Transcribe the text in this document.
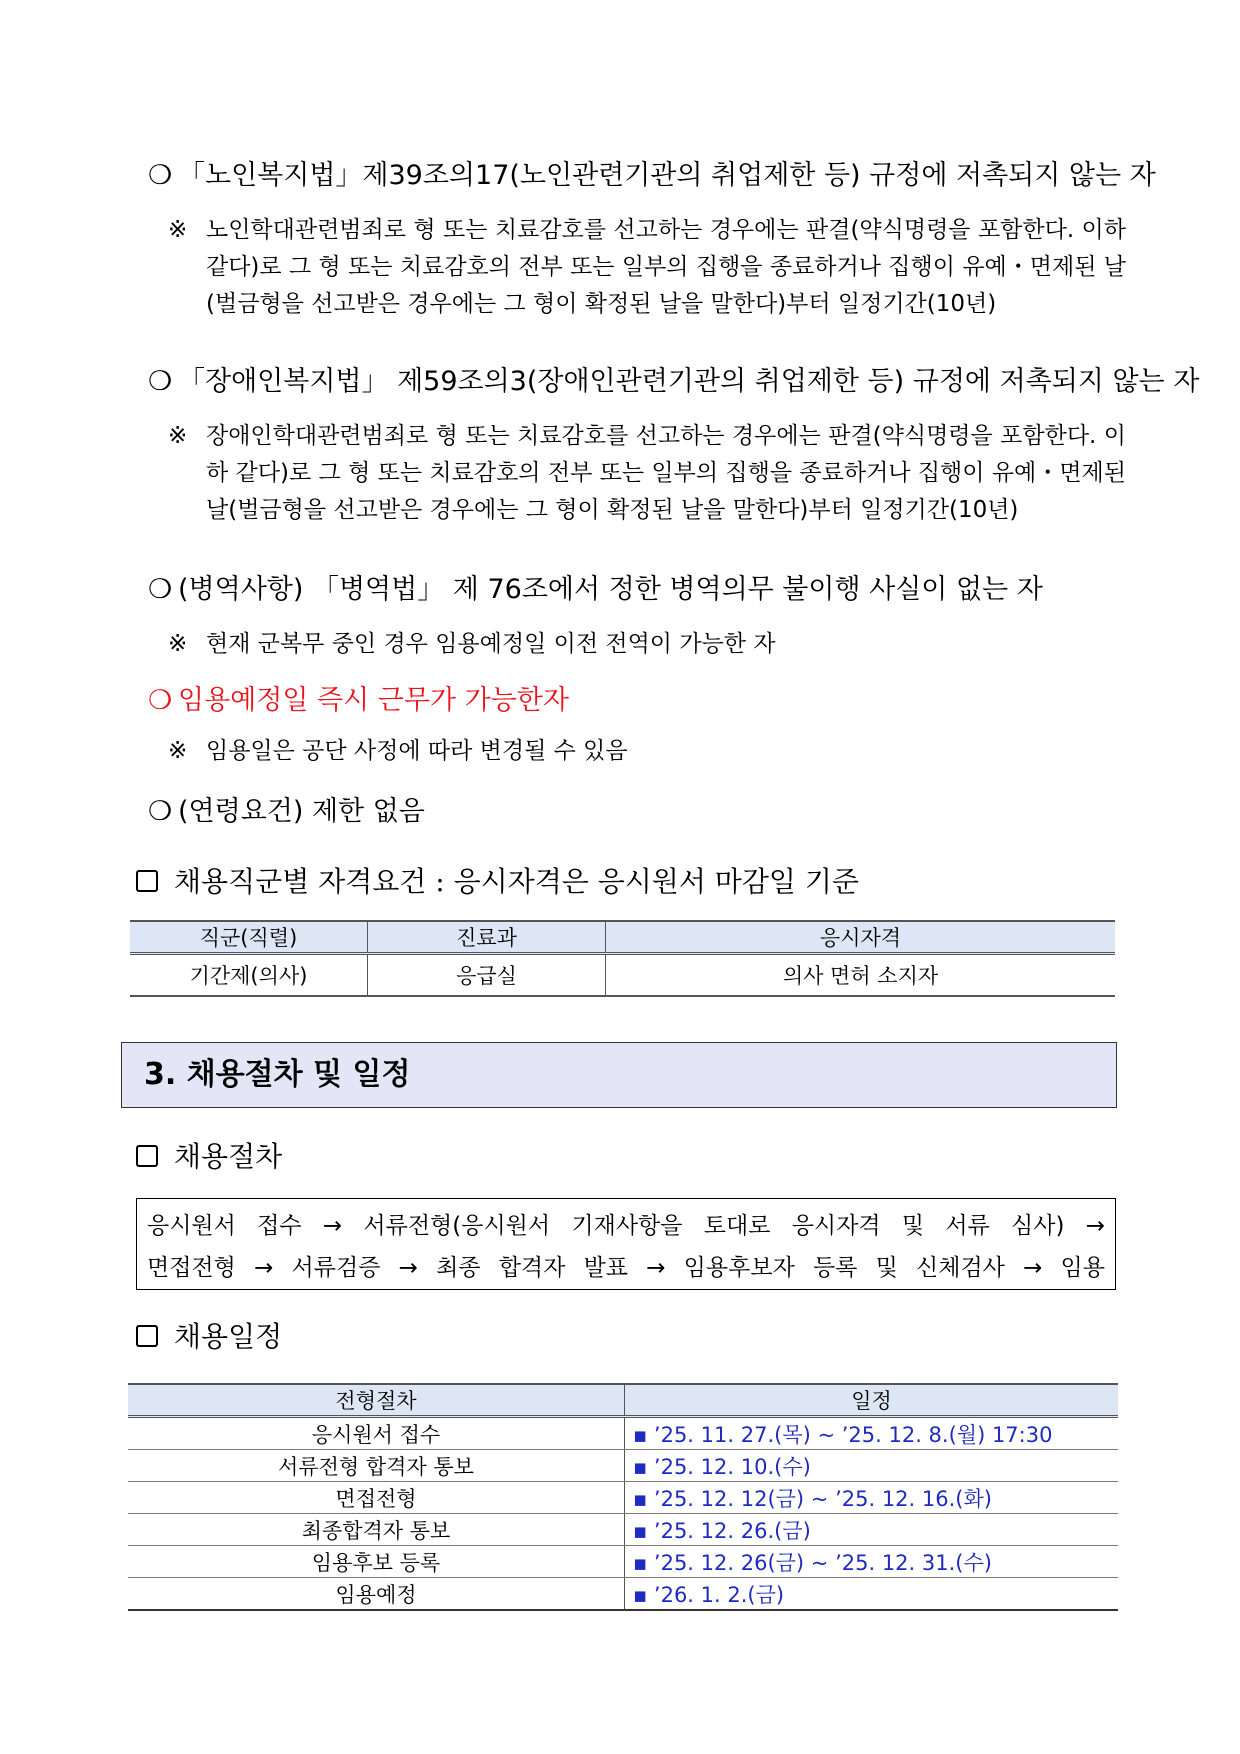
❍ 「노인복지법」제39조의17(노인관련기관의 취업제한 등) 규정에 저촉되지 않는 자
※ 노인학대관련범죄로 형 또는 치료감호를 선고하는 경우에는 판결(약식명령을 포함한다. 이하 같다)로 그 형 또는 치료감호의 전부 또는 일부의 집행을 종료하거나 집행이 유예・면제된 날(벌금형을 선고받은 경우에는 그 형이 확정된 날을 말한다)부터 일정기간(10년)
❍ 「장애인복지법」 제59조의3(장애인관련기관의 취업제한 등) 규정에 저촉되지 않는 자
※ 장애인학대관련범죄로 형 또는 치료감호를 선고하는 경우에는 판결(약식명령을 포함한다. 이하 같다)로 그 형 또는 치료감호의 전부 또는 일부의 집행을 종료하거나 집행이 유예・면제된 날(벌금형을 선고받은 경우에는 그 형이 확정된 날을 말한다)부터 일정기간(10년)
❍ (병역사항) 「병역법」 제 76조에서 정한 병역의무 불이행 사실이 없는 자
※ 현재 군복무 중인 경우 임용예정일 이전 전역이 가능한 자
❍ 임용예정일 즉시 근무가 가능한자
※ 임용일은 공단 사정에 따라 변경될 수 있음
❍ (연령요건) 제한 없음
채용직군별 자격요건 : 응시자격은 응시원서 마감일 기준
직군(직렬)	진료과	응시자격
기간제(의사)	응급실	의사 면허 소지자
3. 채용절차 및 일정
채용절차
응시원서 접수 → 서류전형(응시원서 기재사항을 토대로 응시자격 및 서류 심사) →
면접전형 → 서류검증 → 최종 합격자 발표 → 임용후보자 등록 및 신체검사 → 임용
채용일정
전형절차	일정
응시원서 접수	▪ ’25. 11. 27.(목) ~ ’25. 12. 8.(월) 17:30
서류전형 합격자 통보	▪ ’25. 12. 10.(수)
면접전형	▪ ’25. 12. 12(금) ~ ’25. 12. 16.(화)
최종합격자 통보	▪ ’25. 12. 26.(금)
임용후보 등록	▪ ’25. 12. 26(금) ~ ’25. 12. 31.(수)
임용예정	▪ ’26. 1. 2.(금)
